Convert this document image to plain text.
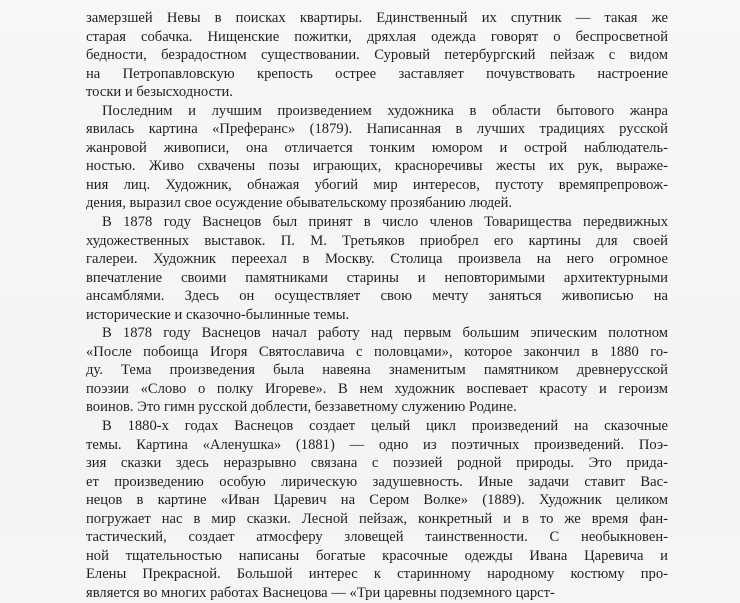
замерзшей Невы в поисках квартиры. Единственный их спутник — такая же
старая собачка. Нищенские пожитки, дряхлая одежда говорят о беспросветной
бедности, безрадостном существовании. Суровый петербургский пейзаж с видом
на Петропавловскую крепость острее заставляет почувствовать настроение
тоски и безысходности.
Последним и лучшим произведением художника в области бытового жанра
явилась картина «Преферанс» (1879). Написанная в лучших традициях русской
жанровой живописи, она отличается тонким юмором и острой наблюдатель-
ностью. Живо схвачены позы играющих, красноречивы жесты их рук, выраже-
ния лиц. Художник, обнажая убогий мир интересов, пустоту времяпрепровож-
дения, выразил свое осуждение обывательскому прозябанию людей.
В 1878 году Васнецов был принят в число членов Товарищества передвижных
художественных выставок. П. М. Третьяков приобрел его картины для своей
галереи. Художник переехал в Москву. Столица произвела на него огромное
впечатление своими памятниками старины и неповторимыми архитектурными
ансамблями. Здесь он осуществляет свою мечту заняться живописью на
исторические и сказочно-былинные темы.
В 1878 году Васнецов начал работу над первым большим эпическим полотном
«После побоища Игоря Святославича с половцами», которое закончил в 1880 го-
ду. Тема произведения была навеяна знаменитым памятником древнерусской
поэзии «Слово о полку Игореве». В нем художник воспевает красоту и героизм
воинов. Это гимн русской доблести, беззаветному служению Родине.
В 1880-х годах Васнецов создает целый цикл произведений на сказочные
темы. Картина «Аленушка» (1881) — одно из поэтичных произведений. Поэ-
зия сказки здесь неразрывно связана с поэзией родной природы. Это прида-
ет произведению особую лирическую задушевность. Иные задачи ставит Вас-
нецов в картине «Иван Царевич на Сером Волке» (1889). Художник целиком
погружает нас в мир сказки. Лесной пейзаж, конкретный и в то же время фан-
тастический, создает атмосферу зловещей таинственности. С необыкновен-
ной тщательностью написаны богатые красочные одежды Ивана Царевича и
Елены Прекрасной. Большой интерес к старинному народному костюму про-
является во многих работах Васнецова — «Три царевны подземного царст-
